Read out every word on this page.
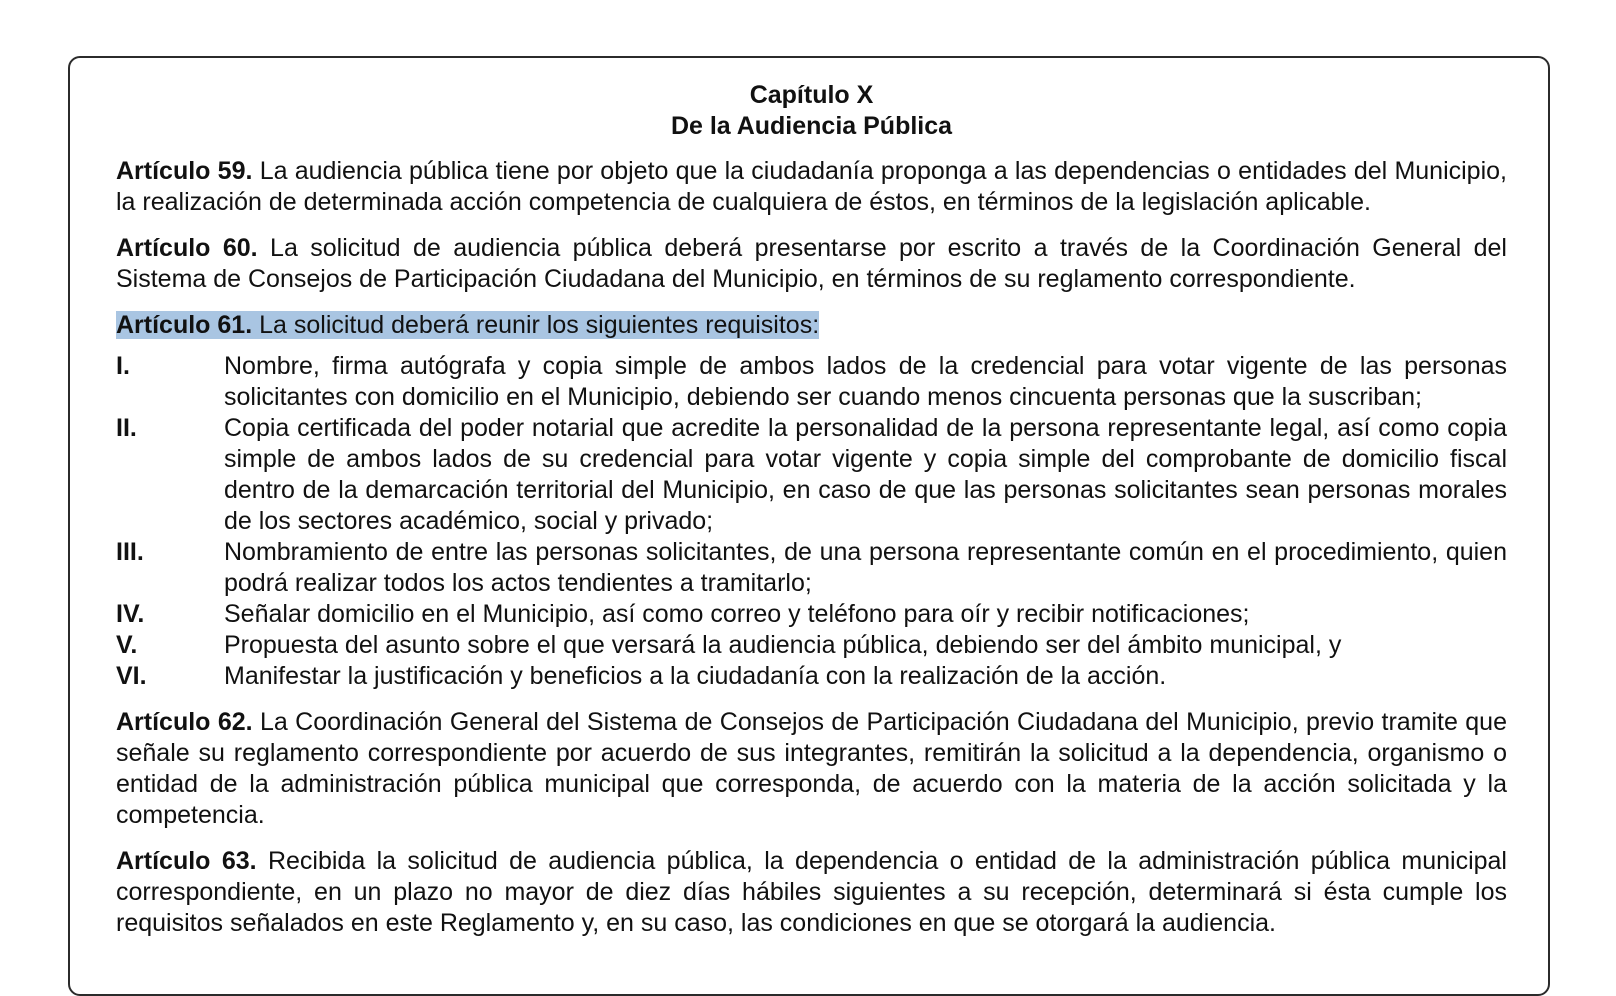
Capítulo X
De la Audiencia Pública

Artículo 59. La audiencia pública tiene por objeto que la ciudadanía proponga a las dependencias o entidades del Municipio, la realización de determinada acción competencia de cualquiera de éstos, en términos de la legislación aplicable.

Artículo 60. La solicitud de audiencia pública deberá presentarse por escrito a través de la Coordinación General del Sistema de Consejos de Participación Ciudadana del Municipio, en términos de su reglamento correspondiente.

Artículo 61. La solicitud deberá reunir los siguientes requisitos:

I.	Nombre, firma autógrafa y copia simple de ambos lados de la credencial para votar vigente de las personas solicitantes con domicilio en el Municipio, debiendo ser cuando menos cincuenta personas que la suscriban;
II.	Copia certificada del poder notarial que acredite la personalidad de la persona representante legal, así como copia simple de ambos lados de su credencial para votar vigente y copia simple del comprobante de domicilio fiscal dentro de la demarcación territorial del Municipio, en caso de que las personas solicitantes sean personas morales de los sectores académico, social y privado;
III.	Nombramiento de entre las personas solicitantes, de una persona representante común en el procedimiento, quien podrá realizar todos los actos tendientes a tramitarlo;
IV.	Señalar domicilio en el Municipio, así como correo y teléfono para oír y recibir notificaciones;
V.	Propuesta del asunto sobre el que versará la audiencia pública, debiendo ser del ámbito municipal, y
VI.	Manifestar la justificación y beneficios a la ciudadanía con la realización de la acción.

Artículo 62. La Coordinación General del Sistema de Consejos de Participación Ciudadana del Municipio, previo tramite que señale su reglamento correspondiente por acuerdo de sus integrantes, remitirán la solicitud a la dependencia, organismo o entidad de la administración pública municipal que corresponda, de acuerdo con la materia de la acción solicitada y la competencia.

Artículo 63. Recibida la solicitud de audiencia pública, la dependencia o entidad de la administración pública municipal correspondiente, en un plazo no mayor de diez días hábiles siguientes a su recepción, determinará si ésta cumple los requisitos señalados en este Reglamento y, en su caso, las condiciones en que se otorgará la audiencia.
